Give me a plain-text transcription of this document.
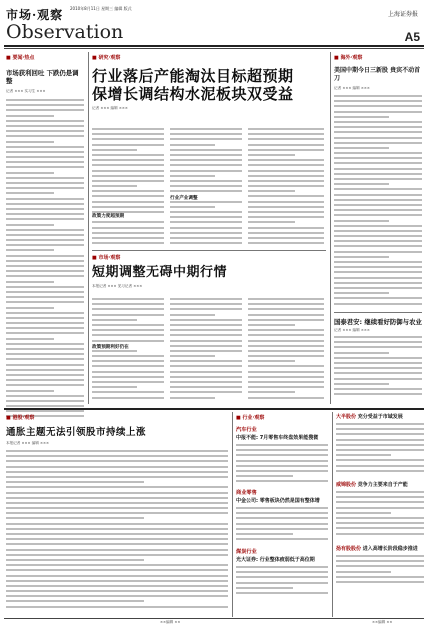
市场·观察
Observation
2010年8月11日 星期三 编辑 版式
上海证券报
A5
■ 要闻·热点
市场获利回吐 下跌仍是调整
记者 ××× 实习生 ×××
■ 研究·观察
行业落后产能淘汰目标超预期
保增长调结构水泥板块双受益
记者 ××× 编辑 ×××
政策力度超预期
行业产业调整
■ 市场·观察
短期调整无碍中期行情
本报记者 ××× 见习记者 ×××
政策预期利好仍在
■ 海外·观察
美国中期今日三新股 贵宾不动首刀
记者 ××× 编辑 ×××
国泰君安: 继续看好防御与农业
记者 ××× 编辑 ×××
■ 港股·观察
通胀主题无法引领股市持续上涨
本报记者 ××× 编辑 ×××
■ 行业·观察
汽车行业
中报不能: 7月零售车终盘效果能搜微
商业零售
中金公司: 零售板块仍然是国有整体增
煤炭行业
光大证券: 行业整体疲弱低于高位期
大半股份 充分受益于市域发展
威锦股份 竞争力主要来自于产能
扬有股股份 进入高增长阶段稳步推进
××编辑 ××	××编辑 ××
